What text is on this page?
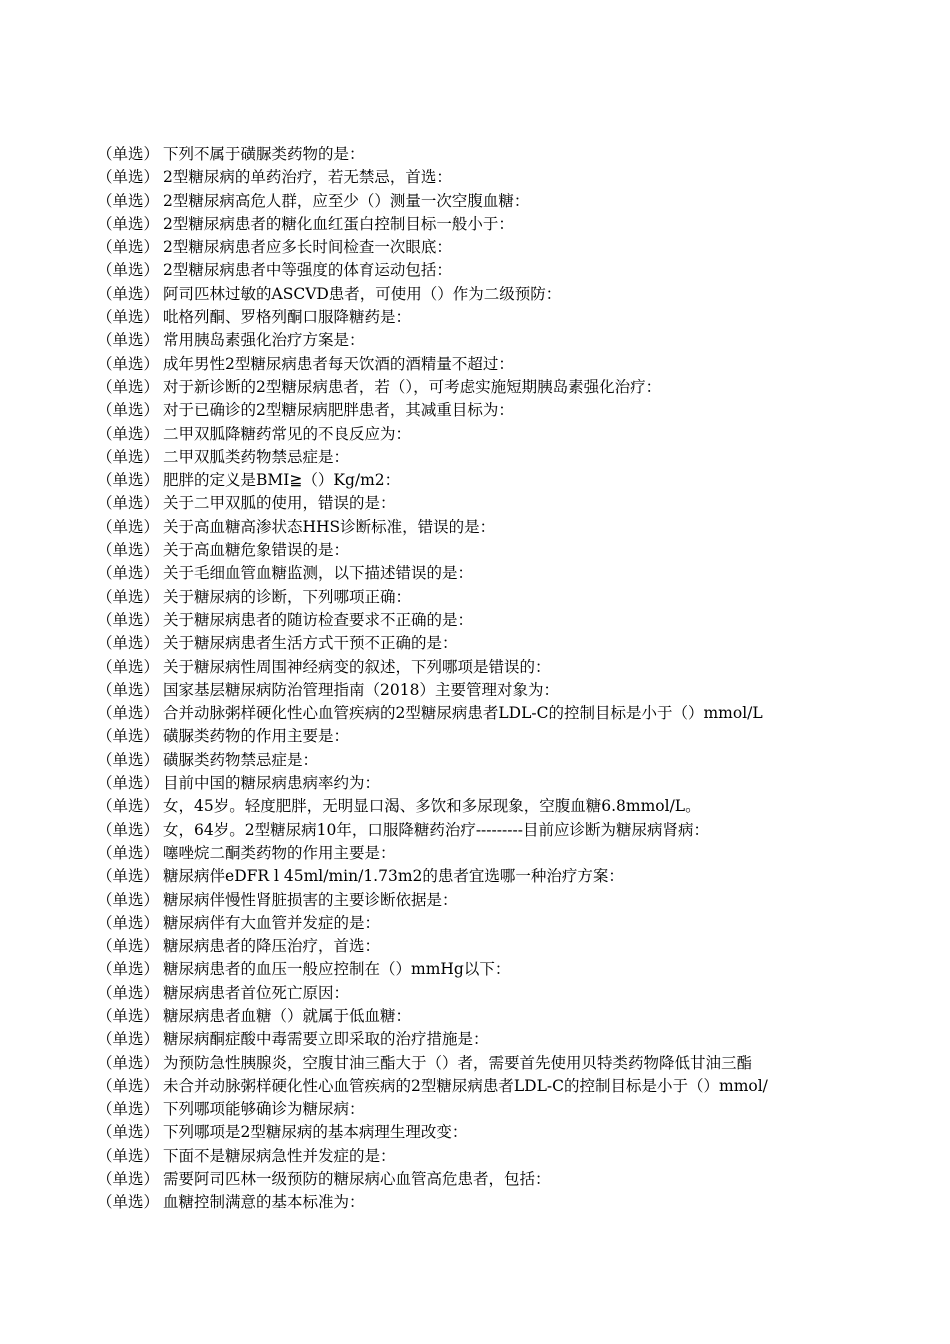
（单选） 下列不属于磺脲类药物的是：
（单选） 2型糖尿病的单药治疗，若无禁忌，首选：
（单选） 2型糖尿病高危人群，应至少（）测量一次空腹血糖：
（单选） 2型糖尿病患者的糖化血红蛋白控制目标一般小于：
（单选） 2型糖尿病患者应多长时间检查一次眼底：
（单选） 2型糖尿病患者中等强度的体育运动包括：
（单选） 阿司匹林过敏的ASCVD患者，可使用（）作为二级预防：
（单选） 吡格列酮、罗格列酮口服降糖药是：
（单选） 常用胰岛素强化治疗方案是：
（单选） 成年男性2型糖尿病患者每天饮酒的酒精量不超过：
（单选） 对于新诊断的2型糖尿病患者，若（），可考虑实施短期胰岛素强化治疗：
（单选） 对于已确诊的2型糖尿病肥胖患者，其减重目标为：
（单选） 二甲双胍降糖药常见的不良反应为：
（单选） 二甲双胍类药物禁忌症是：
（单选） 肥胖的定义是BMI≧（）Kg/m2：
（单选） 关于二甲双胍的使用，错误的是：
（单选） 关于高血糖高渗状态HHS诊断标准，错误的是：
（单选） 关于高血糖危象错误的是：
（单选） 关于毛细血管血糖监测，以下描述错误的是：
（单选） 关于糖尿病的诊断，下列哪项正确：
（单选） 关于糖尿病患者的随访检查要求不正确的是：
（单选） 关于糖尿病患者生活方式干预不正确的是：
（单选） 关于糖尿病性周围神经病变的叙述，下列哪项是错误的：
（单选） 国家基层糖尿病防治管理指南（2018）主要管理对象为：
（单选） 合并动脉粥样硬化性心血管疾病的2型糖尿病患者LDL-C的控制目标是小于（）mmol/L
（单选） 磺脲类药物的作用主要是：
（单选） 磺脲类药物禁忌症是：
（单选） 目前中国的糖尿病患病率约为：
（单选） 女，45岁。轻度肥胖，无明显口渴、多饮和多尿现象，空腹血糖6.8mmol/L。
（单选） 女，64岁。2型糖尿病10年，口服降糖药治疗---------目前应诊断为糖尿病肾病：
（单选） 噻唑烷二酮类药物的作用主要是：
（单选） 糖尿病伴eDFR l 45ml/min/1.73m2的患者宜选哪一种治疗方案：
（单选） 糖尿病伴慢性肾脏损害的主要诊断依据是：
（单选） 糖尿病伴有大血管并发症的是：
（单选） 糖尿病患者的降压治疗，首选：
（单选） 糖尿病患者的血压一般应控制在（）mmHg以下：
（单选） 糖尿病患者首位死亡原因：
（单选） 糖尿病患者血糖（）就属于低血糖：
（单选） 糖尿病酮症酸中毒需要立即采取的治疗措施是：
（单选） 为预防急性胰腺炎，空腹甘油三酯大于（）者，需要首先使用贝特类药物降低甘油三酯
（单选） 未合并动脉粥样硬化性心血管疾病的2型糖尿病患者LDL-C的控制目标是小于（）mmol/
（单选） 下列哪项能够确诊为糖尿病：
（单选） 下列哪项是2型糖尿病的基本病理生理改变：
（单选） 下面不是糖尿病急性并发症的是：
（单选） 需要阿司匹林一级预防的糖尿病心血管高危患者，包括：
（单选） 血糖控制满意的基本标准为：
